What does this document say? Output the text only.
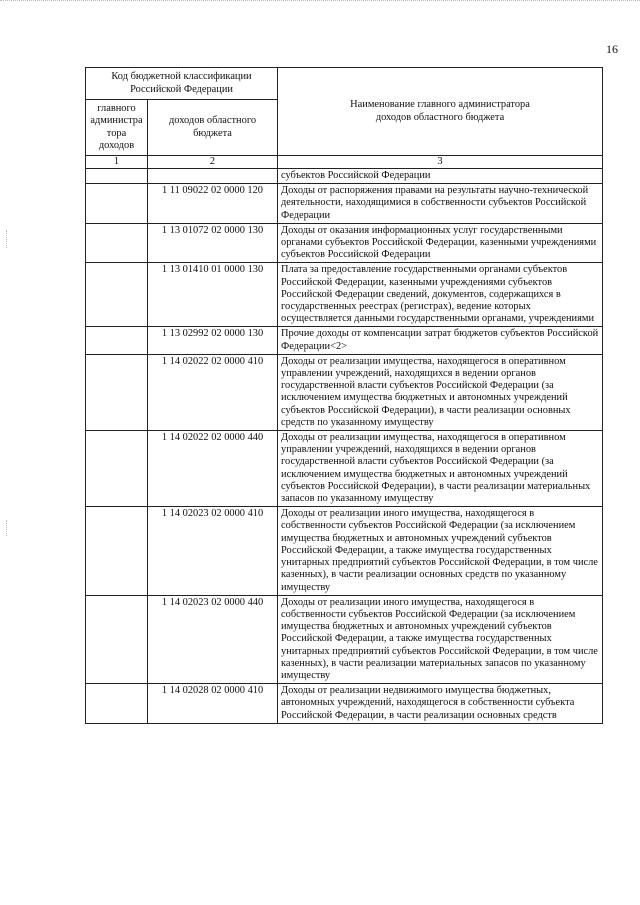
16
Код бюджетной классификации Российской Федерации		Наименование главного администратора доходов областного бюджета

главного администра тора доходов	доходов областного бюджета	

1	2	3
		субъектов Российской Федерации
	1 11 09022 02 0000 120	Доходы от распоряжения правами на результаты научно-технической деятельности, находящимися в собственности субъектов Российской Федерации
	1 13 01072 02 0000 130	Доходы от оказания информационных услуг государственными органами субъектов Российской Федерации, казенными учреждениями субъектов Российской Федерации
	1 13 01410 01 0000 130	Плата за предоставление государственными органами субъектов Российской Федерации, казенными учреждениями субъектов Российской Федерации сведений, документов, содержащихся в государственных реестрах (регистрах), ведение которых осуществляется данными государственными органами, учреждениями
	1 13 02992 02 0000 130	Прочие доходы от компенсации затрат бюджетов субъектов Российской Федерации<2>
	1 14 02022 02 0000 410	Доходы от реализации имущества, находящегося в оперативном управлении учреждений, находящихся в ведении органов государственной власти субъектов Российской Федерации (за исключением имущества бюджетных и автономных учреждений субъектов Российской Федерации), в части реализации основных средств по указанному имуществу
	1 14 02022 02 0000 440	Доходы от реализации имущества, находящегося в оперативном управлении учреждений, находящихся в ведении органов государственной власти субъектов Российской Федерации (за исключением имущества бюджетных и автономных учреждений субъектов Российской Федерации), в части реализации материальных запасов по указанному имуществу
	1 14 02023 02 0000 410	Доходы от реализации иного имущества, находящегося в собственности субъектов Российской Федерации (за исключением имущества бюджетных и автономных учреждений субъектов Российской Федерации, а также имущества государственных унитарных предприятий субъектов Российской Федерации, в том числе казенных), в части реализации основных средств по указанному имуществу
	1 14 02023 02 0000 440	Доходы от реализации иного имущества, находящегося в собственности субъектов Российской Федерации (за исключением имущества бюджетных и автономных учреждений субъектов Российской Федерации, а также имущества государственных унитарных предприятий субъектов Российской Федерации, в том числе казенных), в части реализации материальных запасов по указанному имуществу
	1 14 02028 02 0000 410	Доходы от реализации недвижимого имущества бюджетных, автономных учреждений, находящегося в собственности субъекта Российской Федерации, в части реализации основных средств
